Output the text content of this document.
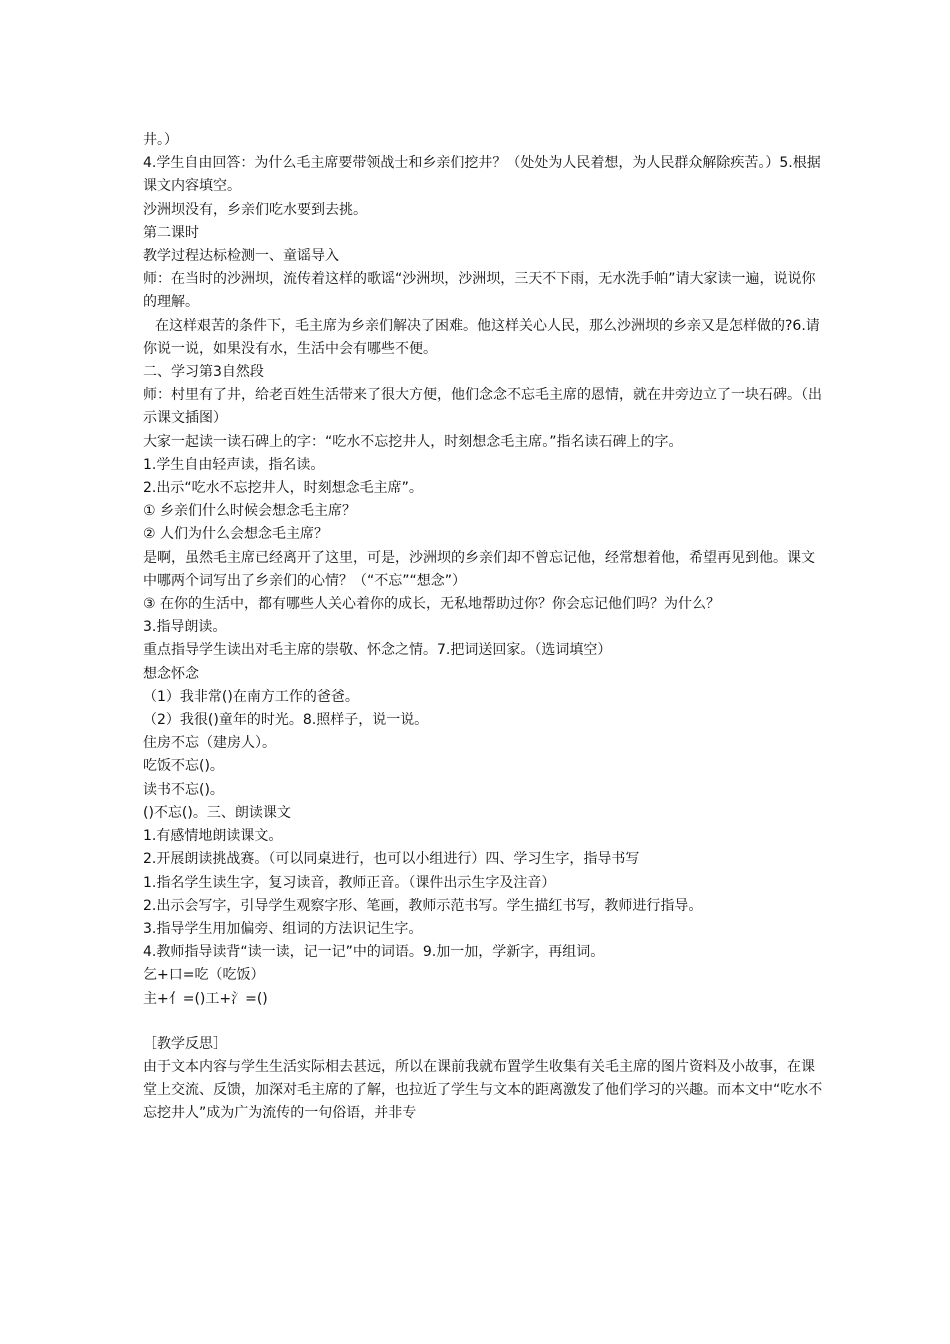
井。）

4.学生自由回答：为什么毛主席要带领战士和乡亲们挖井？（处处为人民着想，为人民群众解除疾苦。）5.根据课文内容填空。

沙洲坝没有，乡亲们吃水要到去挑。

第二课时

教学过程达标检测一、童谣导入

师：在当时的沙洲坝，流传着这样的歌谣“沙洲坝，沙洲坝，三天不下雨，无水洗手帕”请大家读一遍，说说你的理解。

在这样艰苦的条件下，毛主席为乡亲们解决了困难。他这样关心人民，那么沙洲坝的乡亲又是怎样做的?6.请你说一说，如果没有水，生活中会有哪些不便。

二、学习第3自然段

师：村里有了井，给老百姓生活带来了很大方便，他们念念不忘毛主席的恩情，就在井旁边立了一块石碑。（出示课文插图）

大家一起读一读石碑上的字：“吃水不忘挖井人，时刻想念毛主席。”指名读石碑上的字。

1.学生自由轻声读，指名读。

2.出示“吃水不忘挖井人，时刻想念毛主席”。

① 乡亲们什么时候会想念毛主席？

② 人们为什么会想念毛主席？

是啊，虽然毛主席已经离开了这里，可是，沙洲坝的乡亲们却不曾忘记他，经常想着他，希望再见到他。课文中哪两个词写出了乡亲们的心情？（“不忘”“想念”）

③ 在你的生活中，都有哪些人关心着你的成长，无私地帮助过你？你会忘记他们吗？为什么？

3.指导朗读。

重点指导学生读出对毛主席的崇敬、怀念之情。7.把词送回家。（选词填空）

想念怀念

（1）我非常()在南方工作的爸爸。

（2）我很()童年的时光。8.照样子，说一说。

住房不忘（建房人）。

吃饭不忘()。

读书不忘()。

()不忘()。三、朗读课文

1.有感情地朗读课文。

2.开展朗读挑战赛。（可以同桌进行，也可以小组进行）四、学习生字，指导书写

1.指名学生读生字，复习读音，教师正音。（课件出示生字及注音）

2.出示会写字，引导学生观察字形、笔画，教师示范书写。学生描红书写，教师进行指导。

3.指导学生用加偏旁、组词的方法识记生字。

4.教师指导读背“读一读，记一记”中的词语。9.加一加，学新字，再组词。

乞+口=吃（吃饭）

主+亻=()工+氵=()

［教学反思］

由于文本内容与学生生活实际相去甚远，所以在课前我就布置学生收集有关毛主席的图片资料及小故事，在课堂上交流、反馈，加深对毛主席的了解，也拉近了学生与文本的距离激发了他们学习的兴趣。而本文中“吃水不忘挖井人”成为广为流传的一句俗语，并非专
